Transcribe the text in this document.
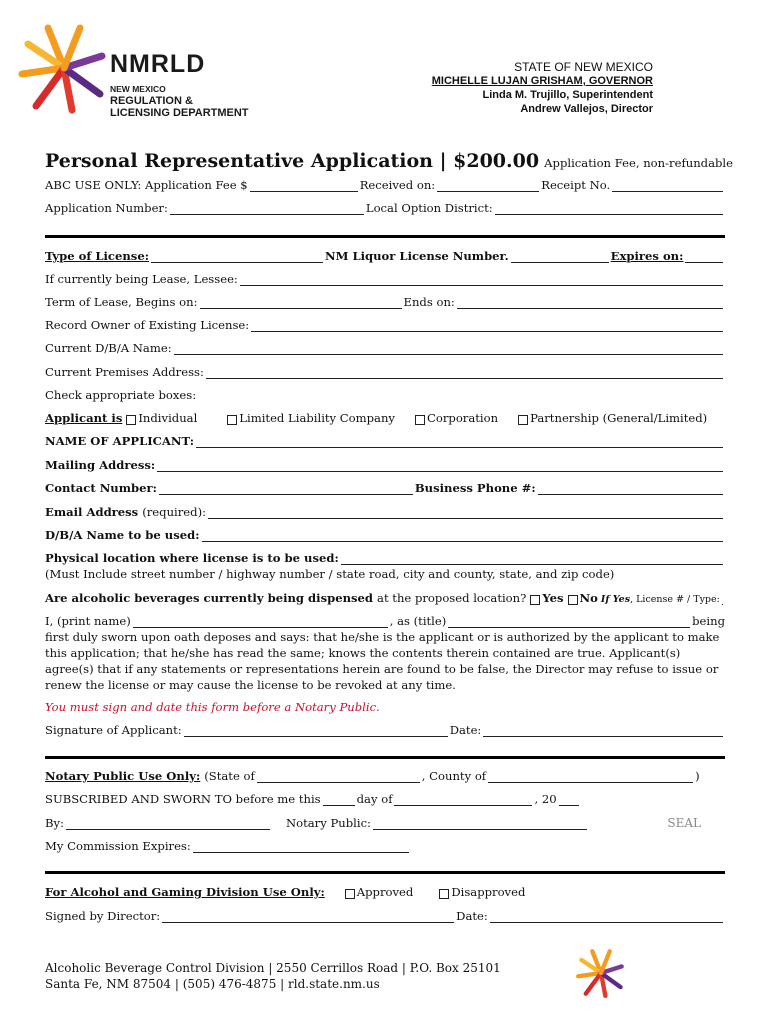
NMRLD
NEW MEXICO
REGULATION &
LICENSING DEPARTMENT
STATE OF NEW MEXICO
MICHELLE LUJAN GRISHAM, GOVERNOR
Linda M. Trujillo, Superintendent
Andrew Vallejos, Director
Personal Representative Application | $200.00 Application Fee, non-refundable
ABC USE ONLY: Application Fee $	Received on:	Receipt No.
Application Number:	Local Option District:
Type of License:	NM Liquor License Number.	Expires on:
If currently being Lease, Lessee:
Term of Lease, Begins on:	Ends on:
Record Owner of Existing License:
Current D/B/A Name:
Current Premises Address:
Check appropriate boxes:
Applicant is Individual	Limited Liability Company	Corporation	Partnership (General/Limited)
NAME OF APPLICANT:
Mailing Address:
Contact Number:	Business Phone #:
Email Address (required):
D/B/A Name to be used:
Physical location where license is to be used:
(Must Include street number / highway number / state road, city and county, state, and zip code)
Are alcoholic beverages currently being dispensed at the proposed location? Yes No If Yes , License # / Type:
I, (print name)	, as (title)	being
first duly sworn upon oath deposes and says: that he/she is the applicant or is authorized by the applicant to make this application; that he/she has read the same; knows the contents therein contained are true. Applicant(s) agree(s) that if any statements or representations herein are found to be false, the Director may refuse to issue or renew the license or may cause the license to be revoked at any time.
You must sign and date this form before a Notary Public.
Signature of Applicant:	Date:
Notary Public Use Only: (State of	, County of	)
SUBSCRIBED AND SWORN TO before me this	day of	, 20
By:	Notary Public:	SEAL
My Commission Expires:
For Alcohol and Gaming Division Use Only:	Approved	Disapproved
Signed by Director:	Date:
Alcoholic Beverage Control Division | 2550 Cerrillos Road | P.O. Box 25101
Santa Fe, NM 87504 | (505) 476-4875 | rld.state.nm.us
